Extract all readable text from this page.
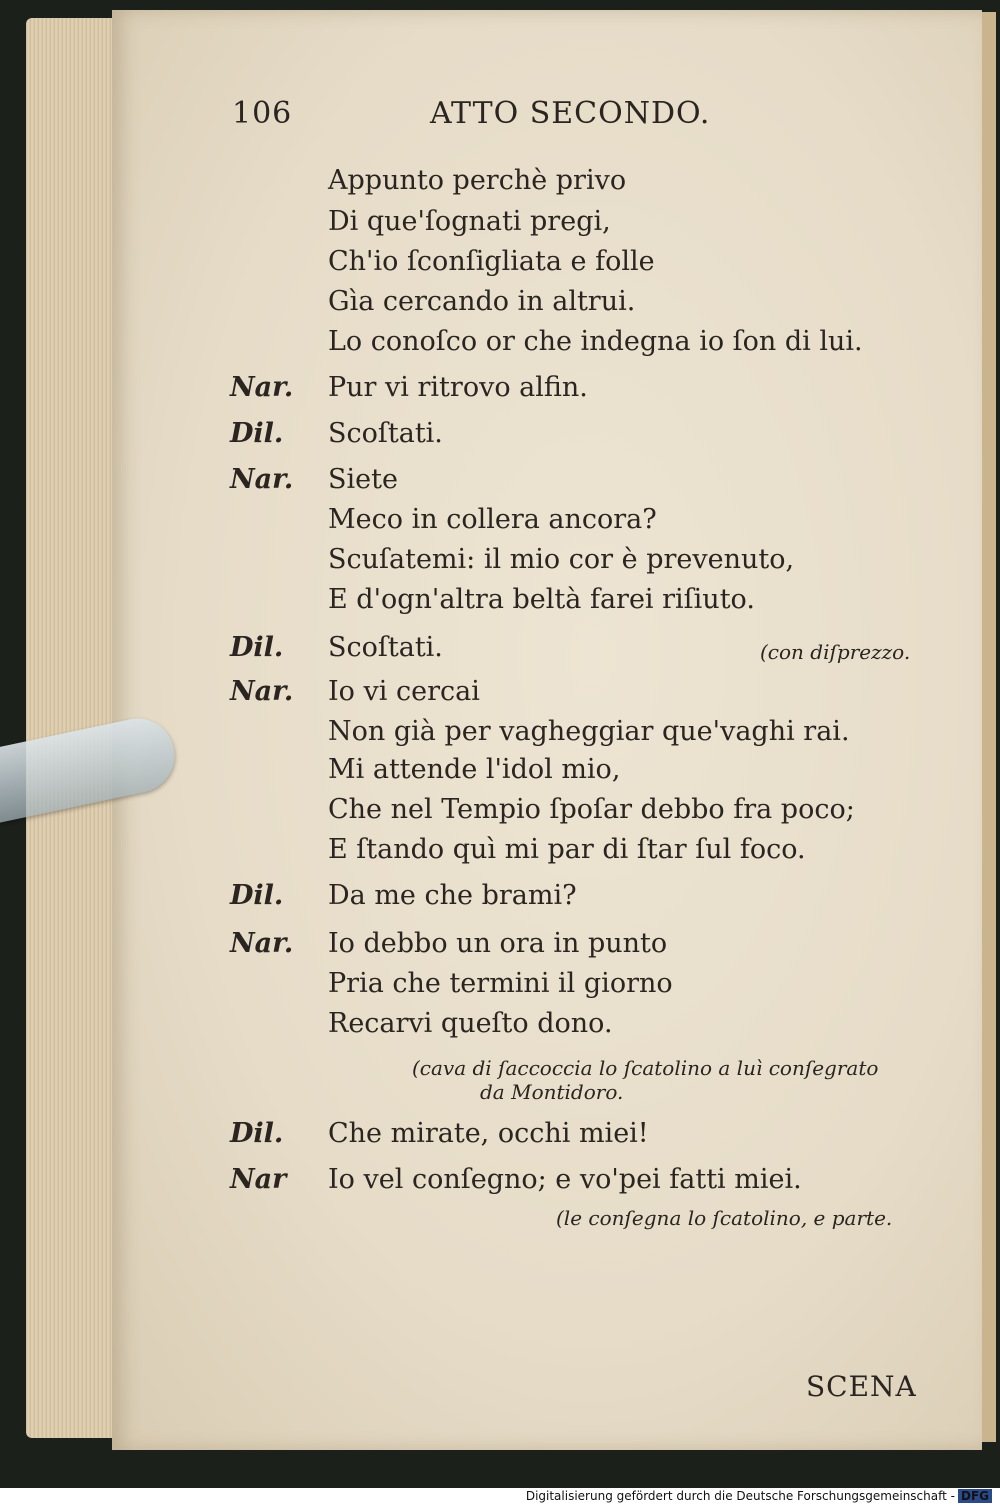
106	ATTO SECONDO.
Appunto perchè privo
Di que'ſognati pregi,
Ch'io ſconſigliata e folle
Gìa cercando in altrui.
Lo conoſco or che indegna io ſon di lui.
Nar. Pur vi ritrovo alfin.
Dil. Scoſtati.
Nar. Siete
Meco in collera ancora?
Scuſatemi: il mio cor è prevenuto,
E d'ogn'altra beltà farei riſiuto.
Dil. Scoſtati.	(con diſprezzo.
Nar. Io vi cercai
Non già per vagheggiar que'vaghi rai.
Mi attende l'idol mio,
Che nel Tempio ſpoſar debbo fra poco;
E ſtando quì mi par di ſtar ſul foco.
Dil. Da me che brami?
Nar. Io debbo un ora in punto
Pria che termini il giorno
Recarvi queſto dono.
(cava di ſaccoccia lo ſcatolino a luì conſegrato
da Montidoro.
Dil. Che mirate, occhi miei!
Nar Io vel conſegno; e vo'pei fatti miei.
(le conſegna lo ſcatolino, e parte.
SCENA
Digitalisierung gefördert durch die Deutsche Forschungsgemeinschaft - DFG
